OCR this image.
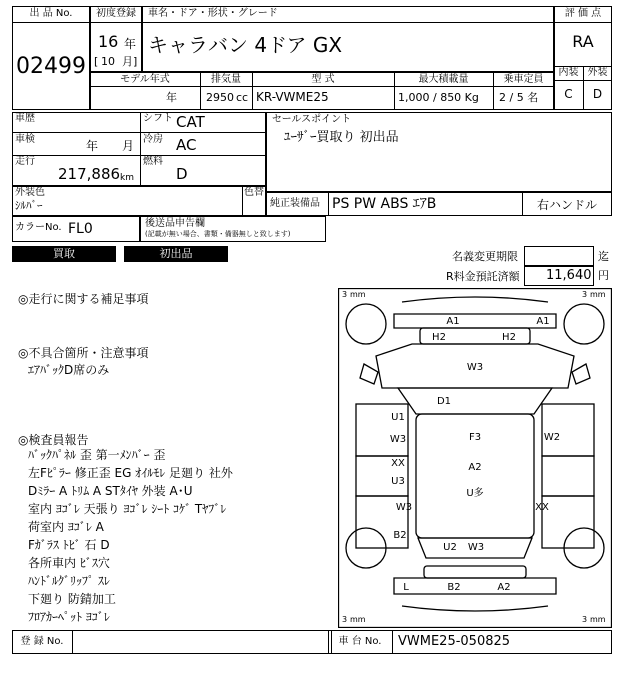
出 品 No.
02499
初度登録
16 年
[ 10 月]
車名・ドア・形状・グレード
キャラバン 4ドア GX
評 価 点
RA
内装 外装
C	D
モデル年式	排気量	型 式	最大積載量	乗車定員
年	2950 cc KR-VWME25	1,000 / 850 Kg 2 / 5 名
車歴
車検	年 月
走行
217,886 km
シフト CAT
冷房 AC
燃料
D
セールスポイント
ﾕｰｻﾞｰ買取り 初出品
外装色
ｼﾙﾊﾞｰ
色替
純正装備品 PS PW ABS ｴｱB	右ハンドル
カラーNo. FL0	後送品申告欄
(記載が無い場合、書類・備器無しと致します)
買取	初出品	名義変更期限	迄
R料金預託済額 11,640 円
◎走行に関する補足事項
◎不具合箇所・注意事項
ｴｱﾊﾞｯｸD席のみ
◎検査員報告
ﾊﾞｯｸﾊﾟﾈﾙ 歪 第一ﾒﾝﾊﾞｰ 歪
左Fﾋﾟﾗｰ 修正歪 EG ｵｲﾙﾓﾚ 足廻り 社外
Dﾐﾗｰ A ﾄﾘﾑ A STﾀｲﾔ 外装 A･U
室内 ﾖｺﾞﾚ 天張り ﾖｺﾞﾚ ｼｰﾄ ｺｹﾞ Tﾔﾌﾞﾚ
荷室内 ﾖｺﾞﾚ A
Fｶﾞﾗｽ ﾄﾋﾞ 石 D
各所車内 ﾋﾞｽ穴
ﾊﾝﾄﾞﾙｸﾞﾘｯﾌﾟ ｽﾚ
下廻り 防錆加工
ﾌﾛｱｶｰﾍﾟｯﾄ ﾖｺﾞﾚ
3 mm	3 mm
3 mm	3 mm
A1	A1
H2	H2
W3
D1
U1
W3	F3	W2
XX
U3
A2
U多
W3	XX
B2
U2 W3
L	B2	A2
登 録 No.	車 台 No.	VWME25-050825
